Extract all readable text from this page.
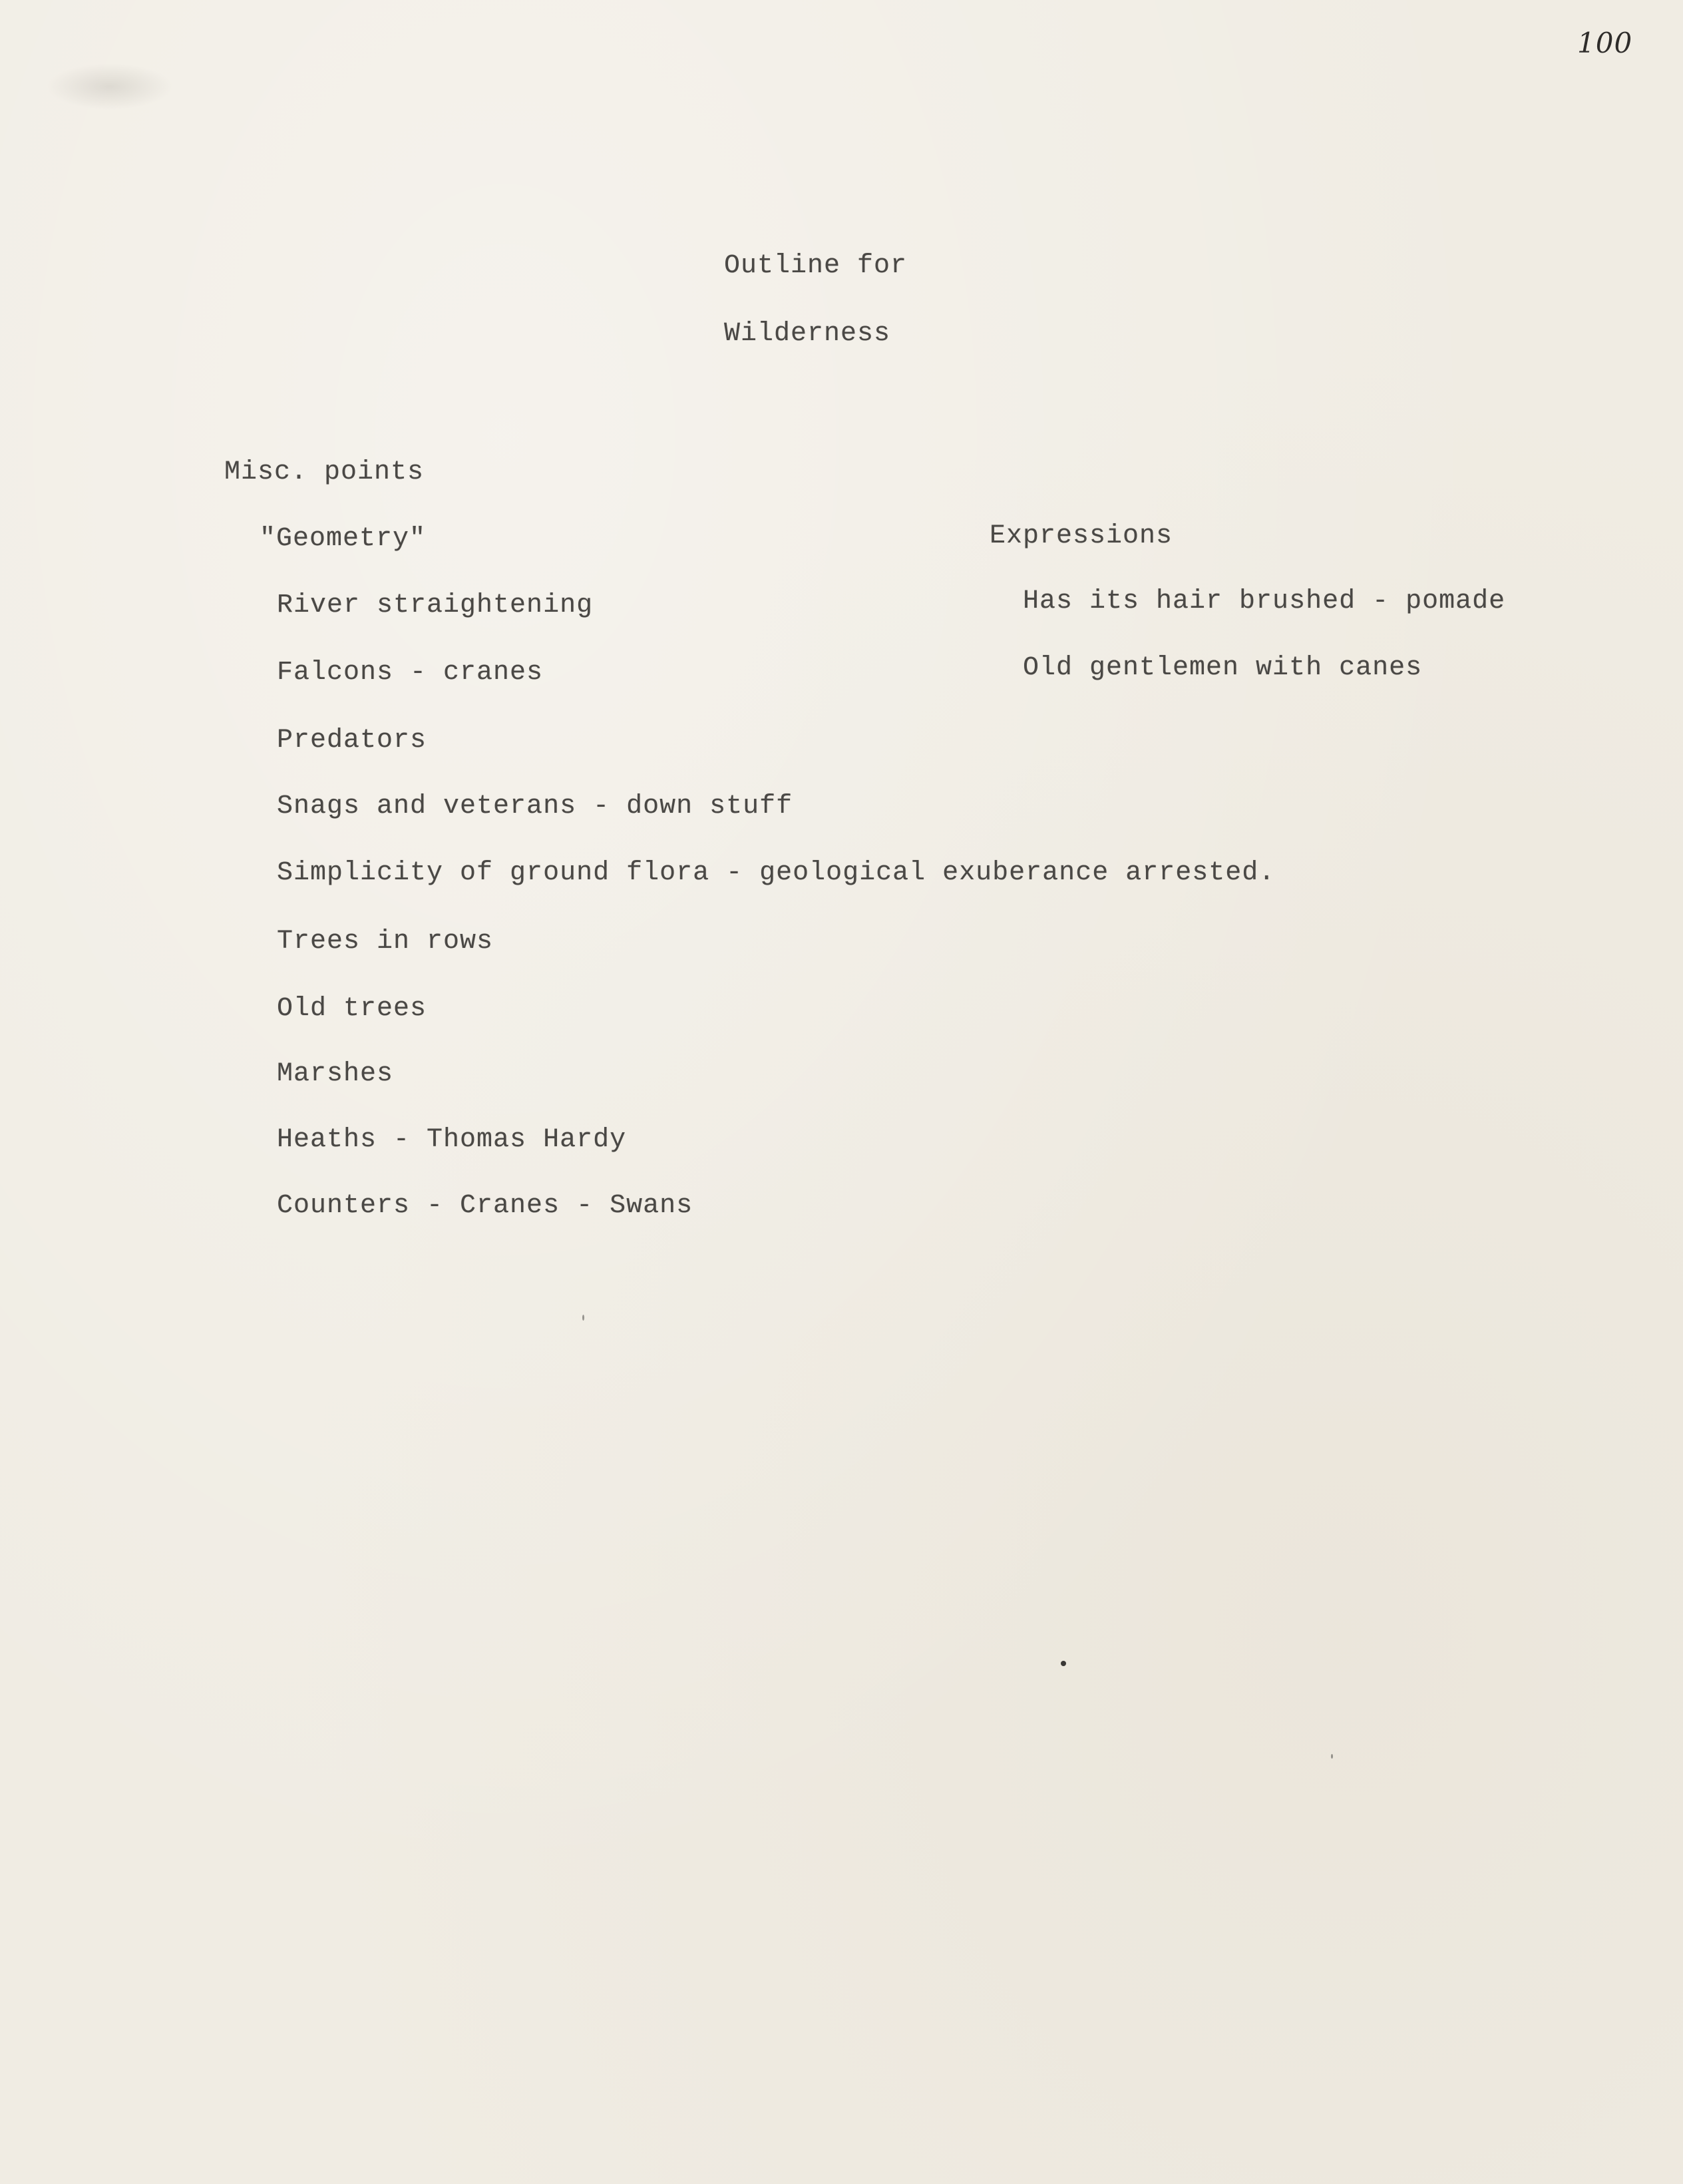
100
Outline for
Wilderness
Misc. points
"Geometry"	Expressions
River straightening
Falcons - cranes
Predators
Snags and veterans - down stuff
Simplicity of ground flora - geological exuberance arrested.
Trees in rows
Old trees
Marshes
Heaths - Thomas Hardy
Counters - Cranes - Swans
Has its hair brushed - pomade
Old gentlemen with canes
